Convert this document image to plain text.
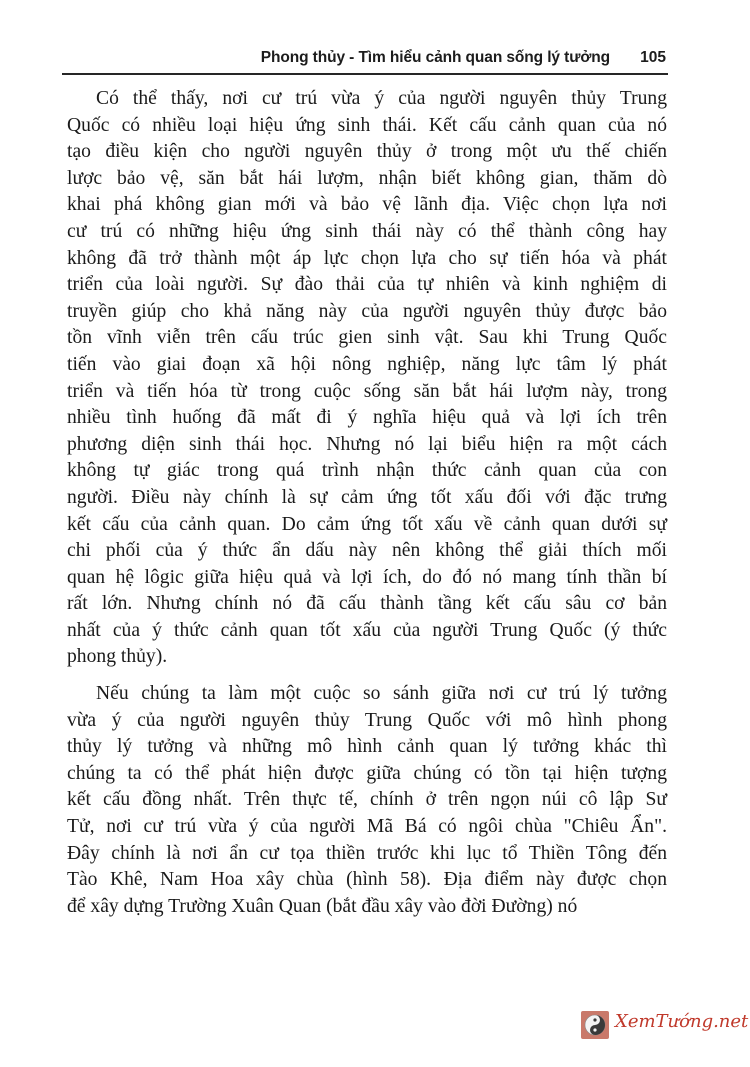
Phong thủy - Tìm hiểu cảnh quan sống lý tưởng 105

Có thể thấy, nơi cư trú vừa ý của người nguyên thủy Trung
Quốc có nhiều loại hiệu ứng sinh thái. Kết cấu cảnh quan của nó
tạo điều kiện cho người nguyên thủy ở trong một ưu thế chiến
lược bảo vệ, săn bắt hái lượm, nhận biết không gian, thăm dò
khai phá không gian mới và bảo vệ lãnh địa. Việc chọn lựa nơi
cư trú có những hiệu ứng sinh thái này có thể thành công hay
không đã trở thành một áp lực chọn lựa cho sự tiến hóa và phát
triển của loài người. Sự đào thải của tự nhiên và kinh nghiệm di
truyền giúp cho khả năng này của người nguyên thủy được bảo
tồn vĩnh viễn trên cấu trúc gien sinh vật. Sau khi Trung Quốc
tiến vào giai đoạn xã hội nông nghiệp, năng lực tâm lý phát
triển và tiến hóa từ trong cuộc sống săn bắt hái lượm này, trong
nhiều tình huống đã mất đi ý nghĩa hiệu quả và lợi ích trên
phương diện sinh thái học. Nhưng nó lại biểu hiện ra một cách
không tự giác trong quá trình nhận thức cảnh quan của con
người. Điều này chính là sự cảm ứng tốt xấu đối với đặc trưng
kết cấu của cảnh quan. Do cảm ứng tốt xấu về cảnh quan dưới sự
chi phối của ý thức ẩn dấu này nên không thể giải thích mối
quan hệ lôgic giữa hiệu quả và lợi ích, do đó nó mang tính thần bí
rất lớn. Nhưng chính nó đã cấu thành tầng kết cấu sâu cơ bản
nhất của ý thức cảnh quan tốt xấu của người Trung Quốc (ý thức
phong thủy).

Nếu chúng ta làm một cuộc so sánh giữa nơi cư trú lý tưởng
vừa ý của người nguyên thủy Trung Quốc với mô hình phong
thủy lý tưởng và những mô hình cảnh quan lý tưởng khác thì
chúng ta có thể phát hiện được giữa chúng có tồn tại hiện tượng
kết cấu đồng nhất. Trên thực tế, chính ở trên ngọn núi cô lập Sư
Tử, nơi cư trú vừa ý của người Mã Bá có ngôi chùa "Chiêu Ẩn".
Đây chính là nơi ẩn cư tọa thiền trước khi lục tổ Thiền Tông đến
Tào Khê, Nam Hoa xây chùa (hình 58). Địa điểm này được chọn
để xây dựng Trường Xuân Quan (bắt đầu xây vào đời Đường) nó

XemTướng.net
